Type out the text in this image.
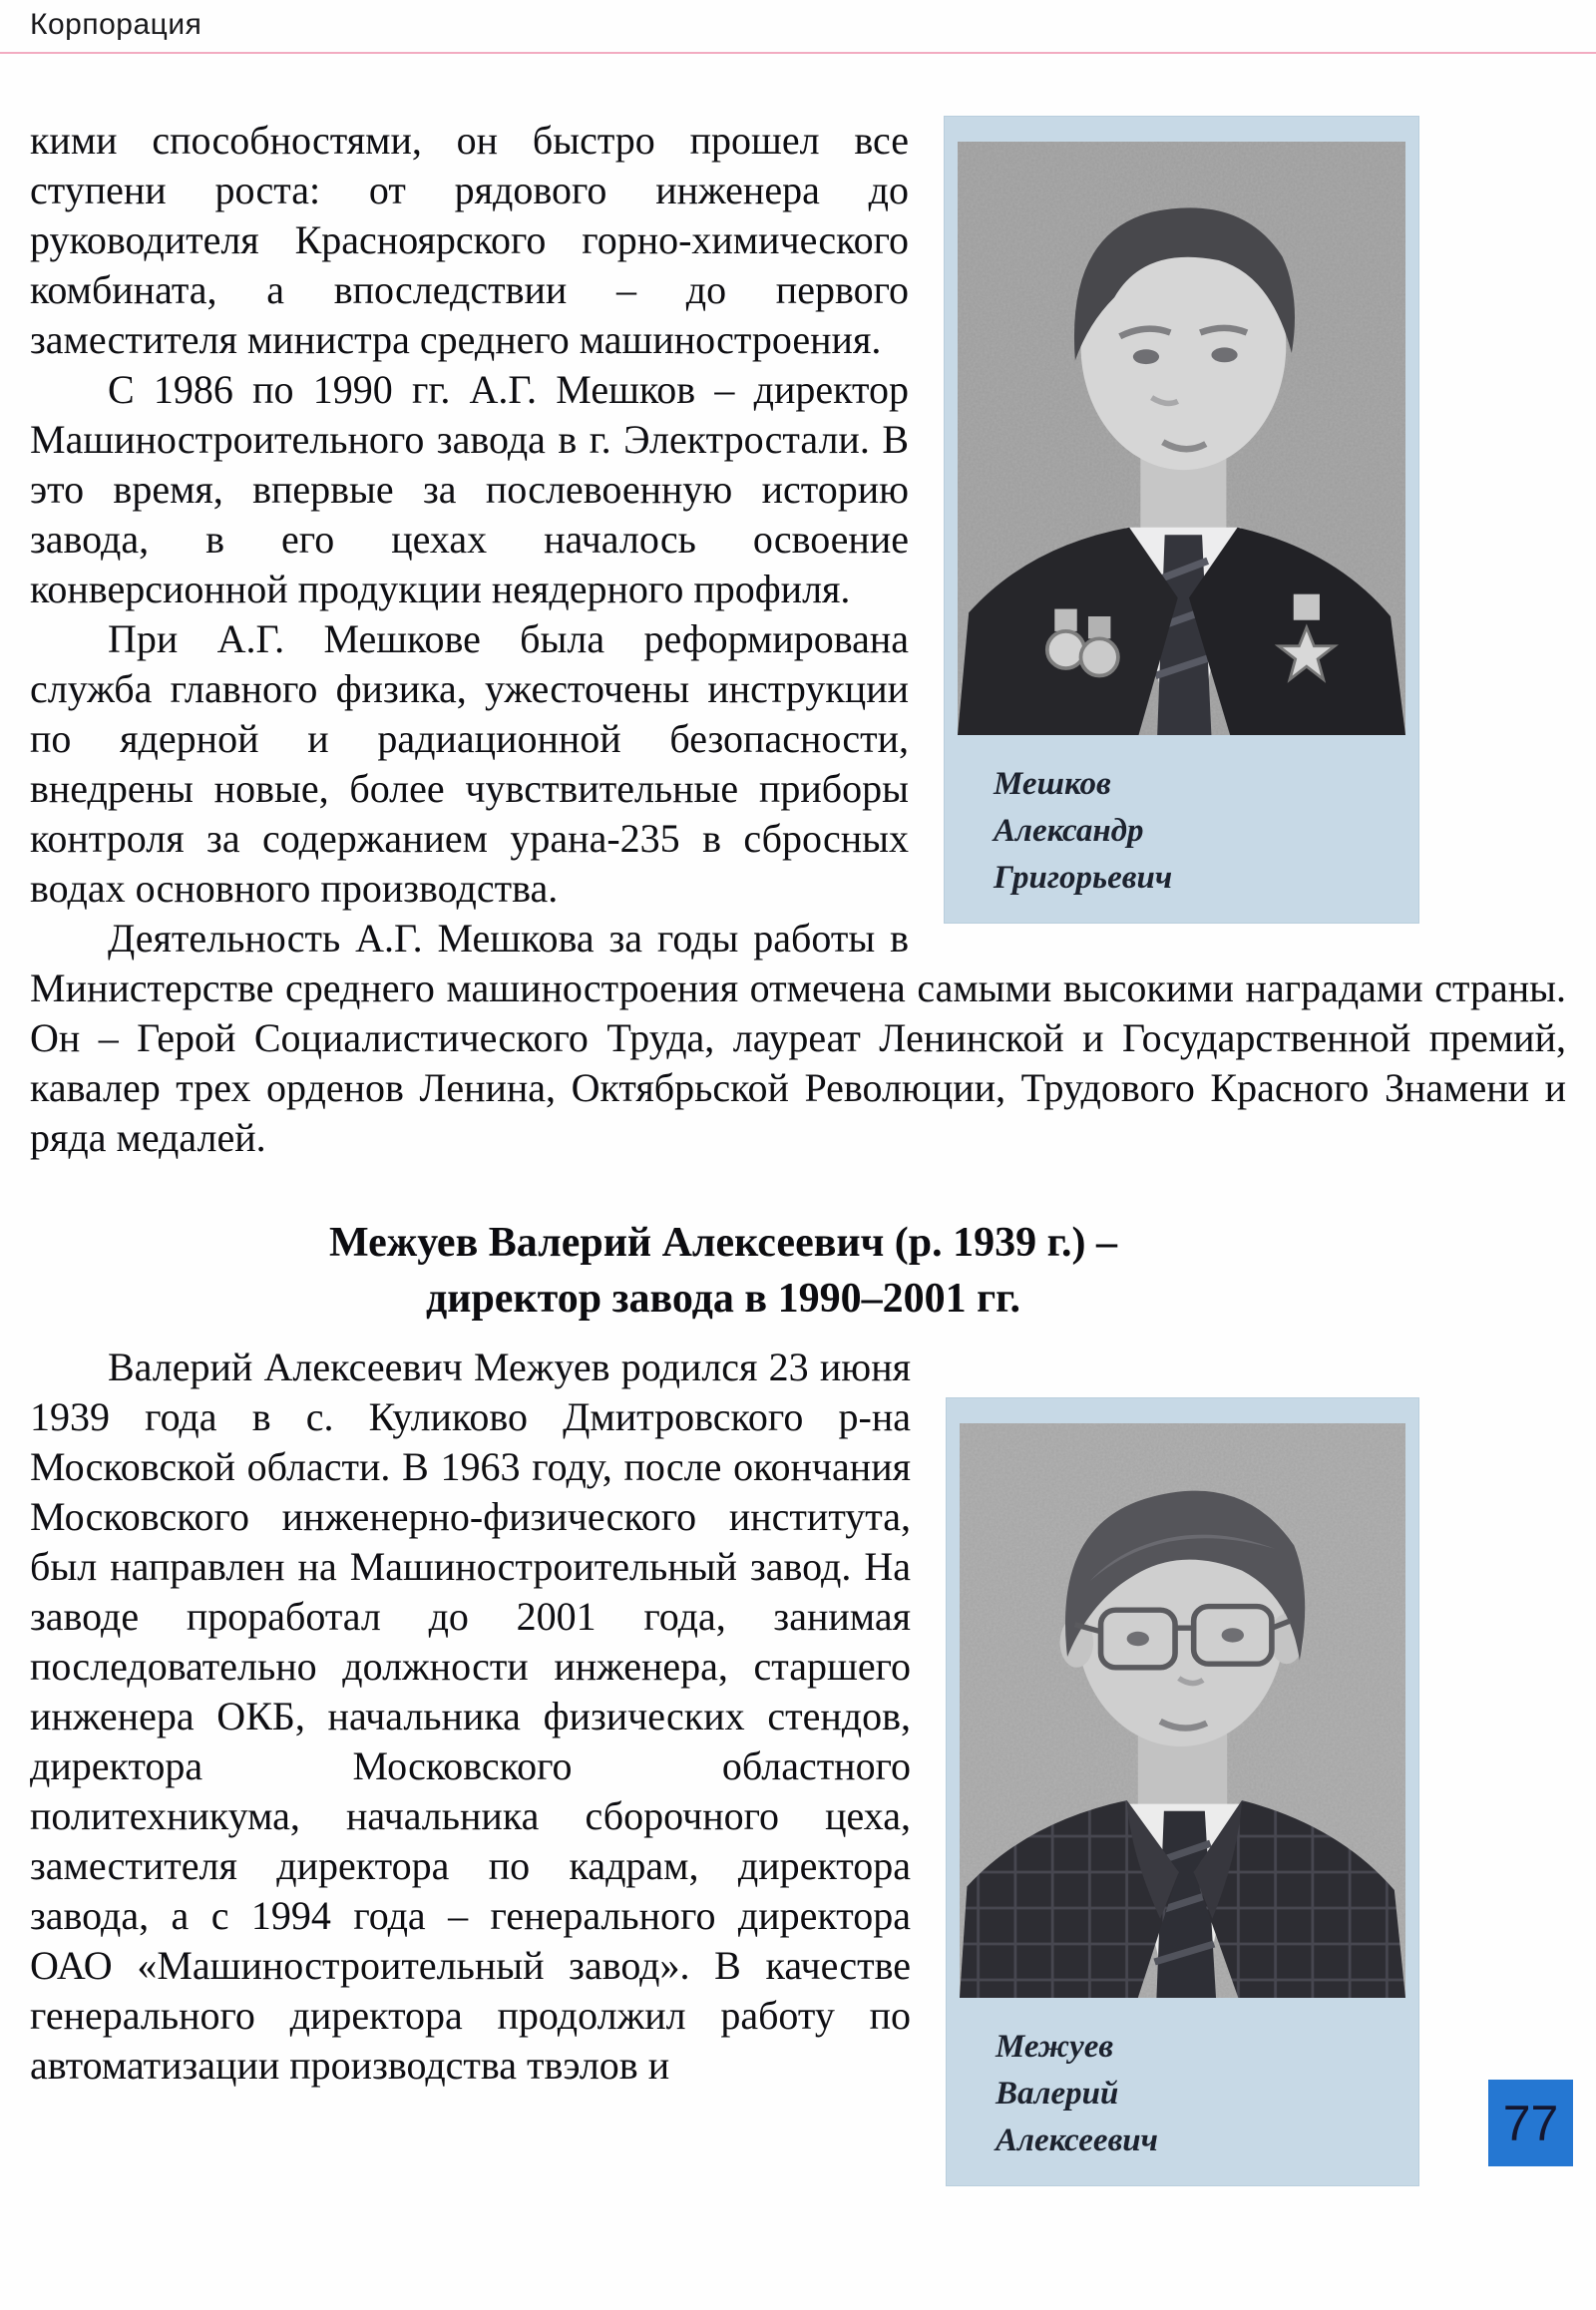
Корпорация
Мешков
Александр
Григорьевич

кими способностями, он быстро прошел все ступени роста: от рядового инженера до руководителя Красноярского горно-химического комбината, а впоследствии – до первого заместителя министра среднего машиностроения.

С 1986 по 1990 гг. А.Г. Мешков – директор Машиностроительного завода в г. Электростали. В это время, впервые за послевоенную историю завода, в его цехах началось освоение конверсионной продукции неядерного профиля.

При А.Г. Мешкове была реформирована служба главного физика, ужесточены инструкции по ядерной и радиационной безопасности, внедрены новые, более чувствительные приборы контроля за содержанием урана-235 в сбросных водах основного производства.

Деятельность А.Г. Мешкова за годы работы в Министерстве среднего машиностроения отмечена самыми высокими наградами страны. Он – Герой Социалистического Труда, лауреат Ленинской и Государственной премий, кавалер трех орденов Ленина, Октябрьской Революции, Трудового Красного Знамени и ряда медалей.

Межуев Валерий Алексеевич (р. 1939 г.) –
директор завода в 1990–2001 гг.
Межуев
Валерий
Алексеевич

Валерий Алексеевич Межуев родился 23 июня 1939 года в с. Куликово Дмитровского р-на Московской области. В 1963 году, после окончания Московского инженерно-физического института, был направлен на Машиностроительный завод. На заводе проработал до 2001 года, занимая последовательно должности инженера, старшего инженера ОКБ, начальника физических стендов, директора Московского областного политехникума, начальника сборочного цеха, заместителя директора по кадрам, директора завода, а с 1994 года – генерального директора ОАО «Машиностроительный завод». В качестве генерального директора продолжил работу по автоматизации производства твэлов и

77
